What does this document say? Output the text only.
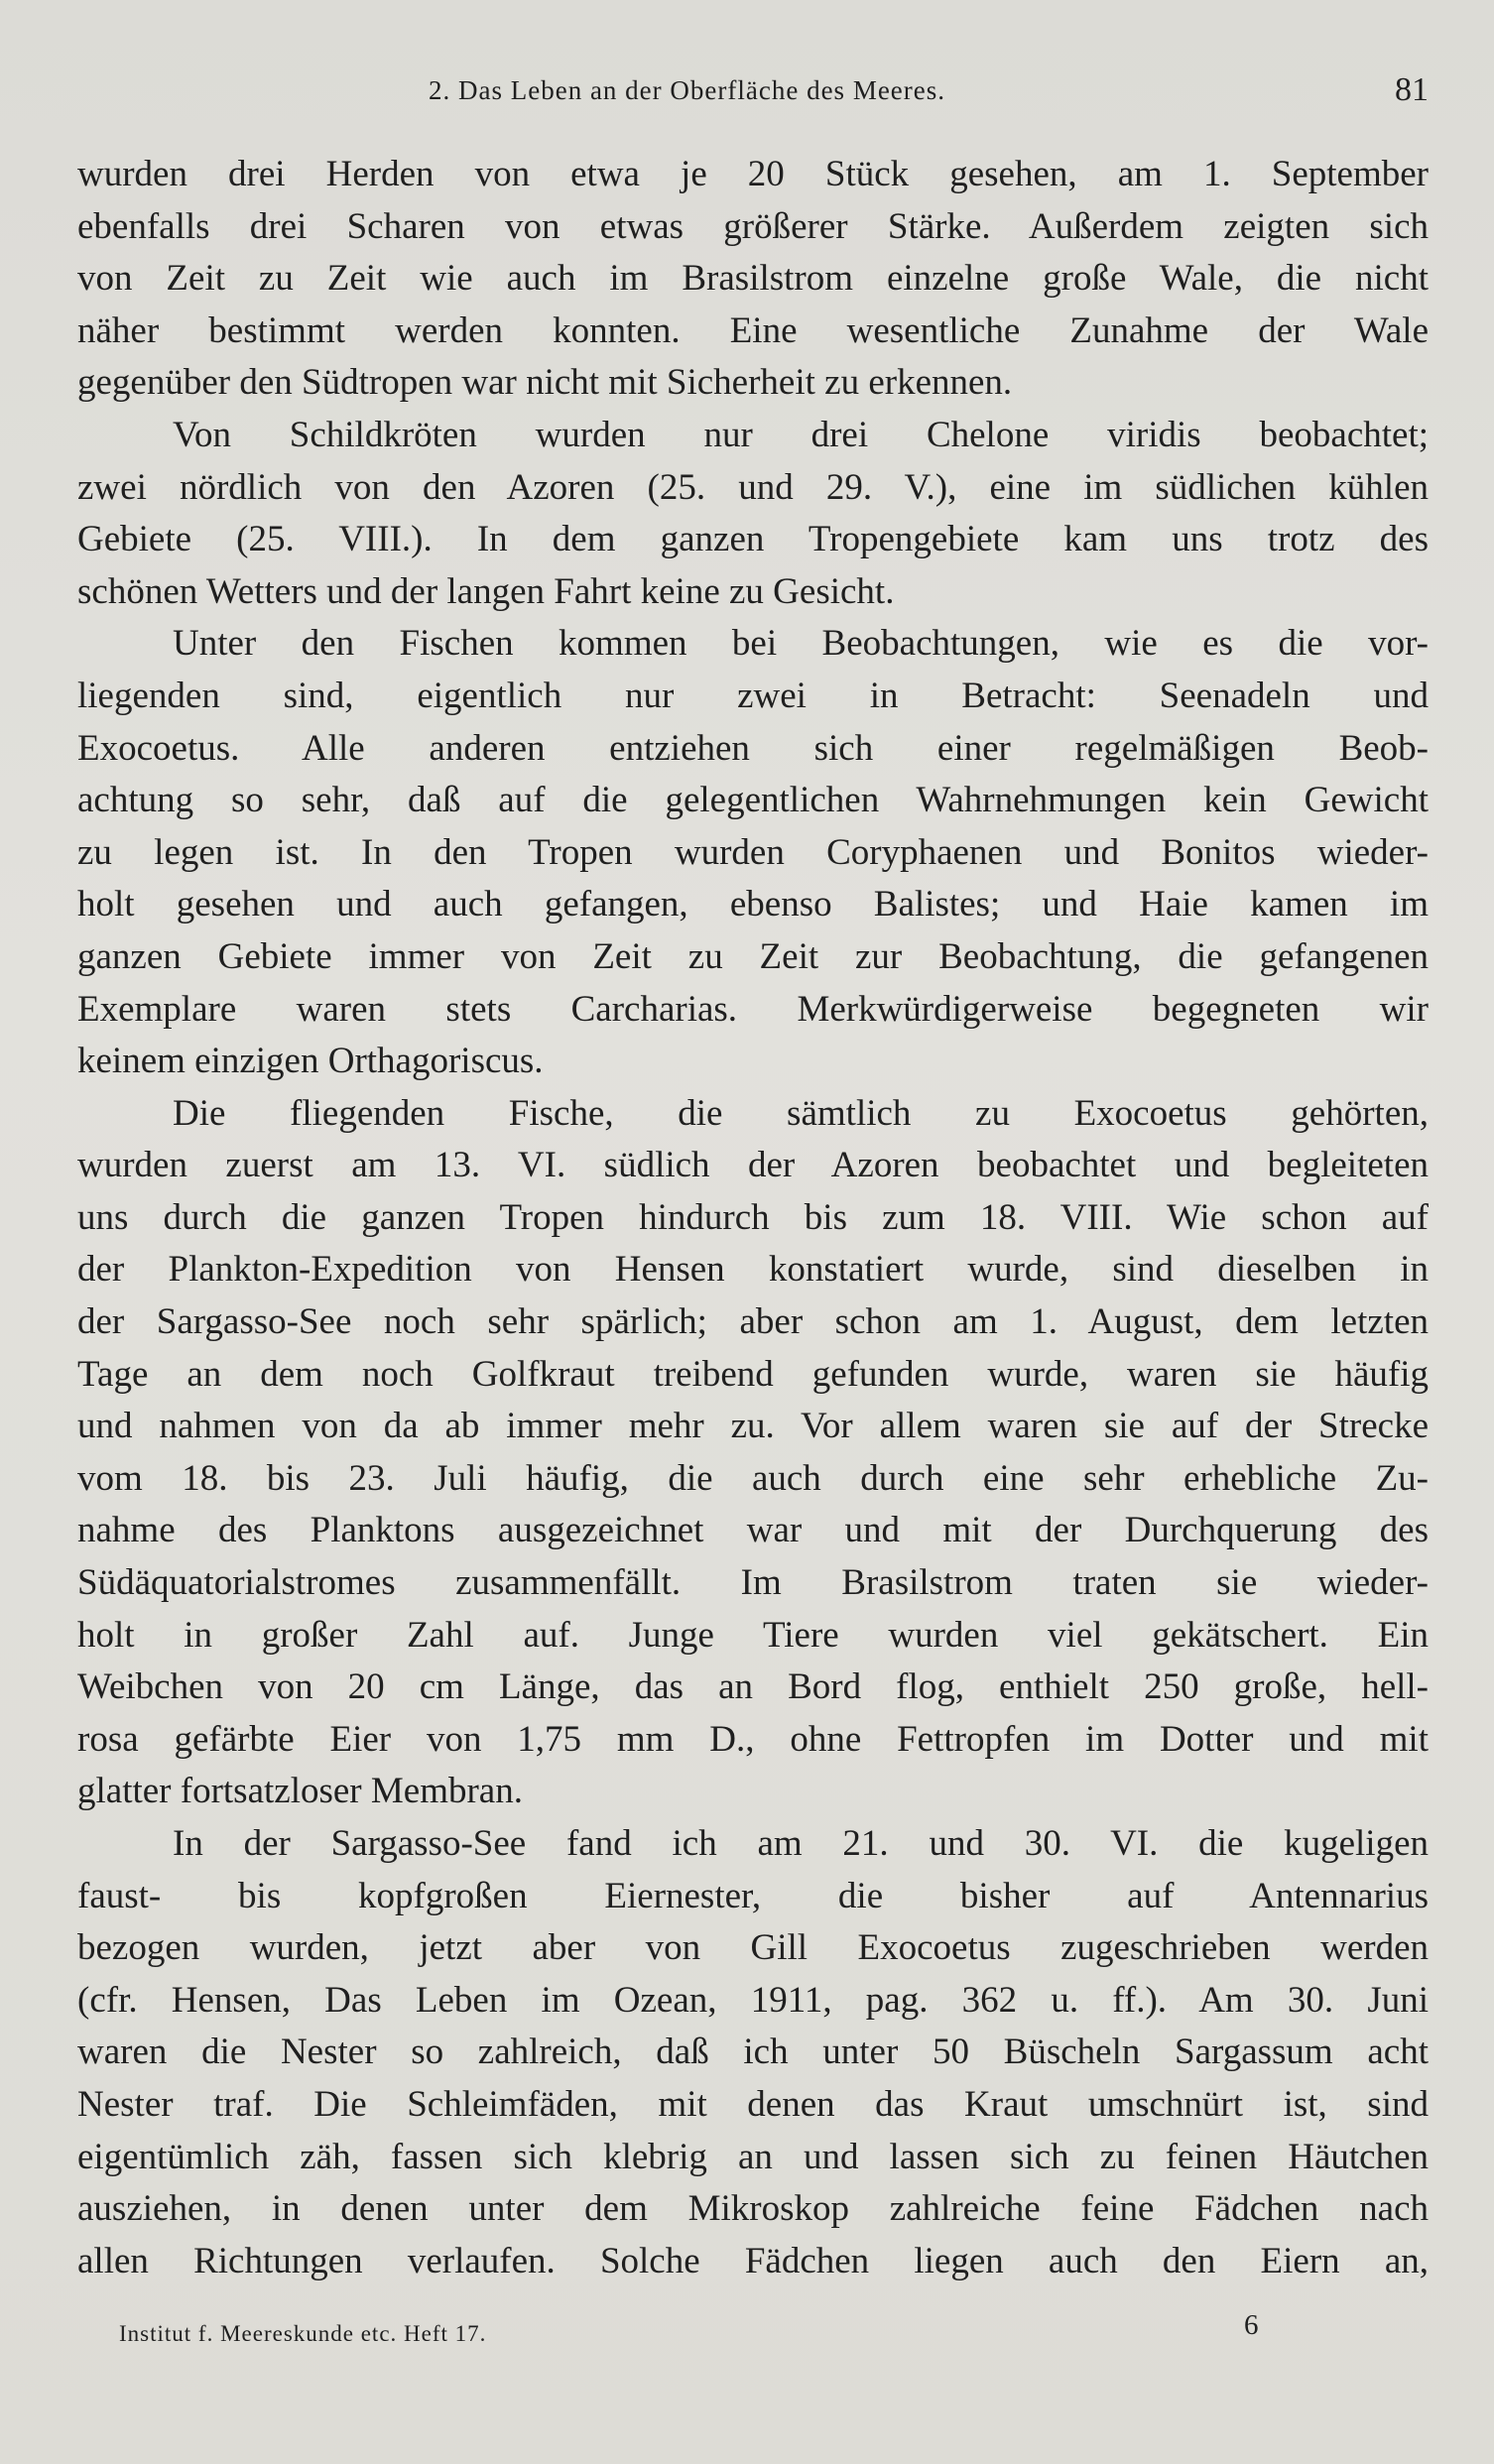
2. Das Leben an der Oberfläche des Meeres.	81
wurden drei Herden von etwa je 20 Stück gesehen, am 1. September
ebenfalls drei Scharen von etwas größerer Stärke. Außerdem zeigten sich
von Zeit zu Zeit wie auch im Brasilstrom einzelne große Wale, die nicht
näher bestimmt werden konnten. Eine wesentliche Zunahme der Wale
gegenüber den Südtropen war nicht mit Sicherheit zu erkennen.
Von Schildkröten wurden nur drei Chelone viridis beobachtet;
zwei nördlich von den Azoren (25. und 29. V.), eine im südlichen kühlen
Gebiete (25. VIII.). In dem ganzen Tropengebiete kam uns trotz des
schönen Wetters und der langen Fahrt keine zu Gesicht.
Unter den Fischen kommen bei Beobachtungen, wie es die vor-
liegenden sind, eigentlich nur zwei in Betracht: Seenadeln und
Exocoetus. Alle anderen entziehen sich einer regelmäßigen Beob-
achtung so sehr, daß auf die gelegentlichen Wahrnehmungen kein Gewicht
zu legen ist. In den Tropen wurden Coryphaenen und Bonitos wieder-
holt gesehen und auch gefangen, ebenso Balistes; und Haie kamen im
ganzen Gebiete immer von Zeit zu Zeit zur Beobachtung, die gefangenen
Exemplare waren stets Carcharias. Merkwürdigerweise begegneten wir
keinem einzigen Orthagoriscus.
Die fliegenden Fische, die sämtlich zu Exocoetus gehörten,
wurden zuerst am 13. VI. südlich der Azoren beobachtet und begleiteten
uns durch die ganzen Tropen hindurch bis zum 18. VIII. Wie schon auf
der Plankton-Expedition von Hensen konstatiert wurde, sind dieselben in
der Sargasso-See noch sehr spärlich; aber schon am 1. August, dem letzten
Tage an dem noch Golfkraut treibend gefunden wurde, waren sie häufig
und nahmen von da ab immer mehr zu. Vor allem waren sie auf der Strecke
vom 18. bis 23. Juli häufig, die auch durch eine sehr erhebliche Zu-
nahme des Planktons ausgezeichnet war und mit der Durchquerung des
Südäquatorialstromes zusammenfällt. Im Brasilstrom traten sie wieder-
holt in großer Zahl auf. Junge Tiere wurden viel gekätschert. Ein
Weibchen von 20 cm Länge, das an Bord flog, enthielt 250 große, hell-
rosa gefärbte Eier von 1,75 mm D., ohne Fettropfen im Dotter und mit
glatter fortsatzloser Membran.
In der Sargasso-See fand ich am 21. und 30. VI. die kugeligen
faust- bis kopfgroßen Eiernester, die bisher auf Antennarius
bezogen wurden, jetzt aber von Gill Exocoetus zugeschrieben werden
(cfr. Hensen, Das Leben im Ozean, 1911, pag. 362 u. ff.). Am 30. Juni
waren die Nester so zahlreich, daß ich unter 50 Büscheln Sargassum acht
Nester traf. Die Schleimfäden, mit denen das Kraut umschnürt ist, sind
eigentümlich zäh, fassen sich klebrig an und lassen sich zu feinen Häutchen
ausziehen, in denen unter dem Mikroskop zahlreiche feine Fädchen nach
allen Richtungen verlaufen. Solche Fädchen liegen auch den Eiern an,
Institut f. Meereskunde etc. Heft 17.	6
